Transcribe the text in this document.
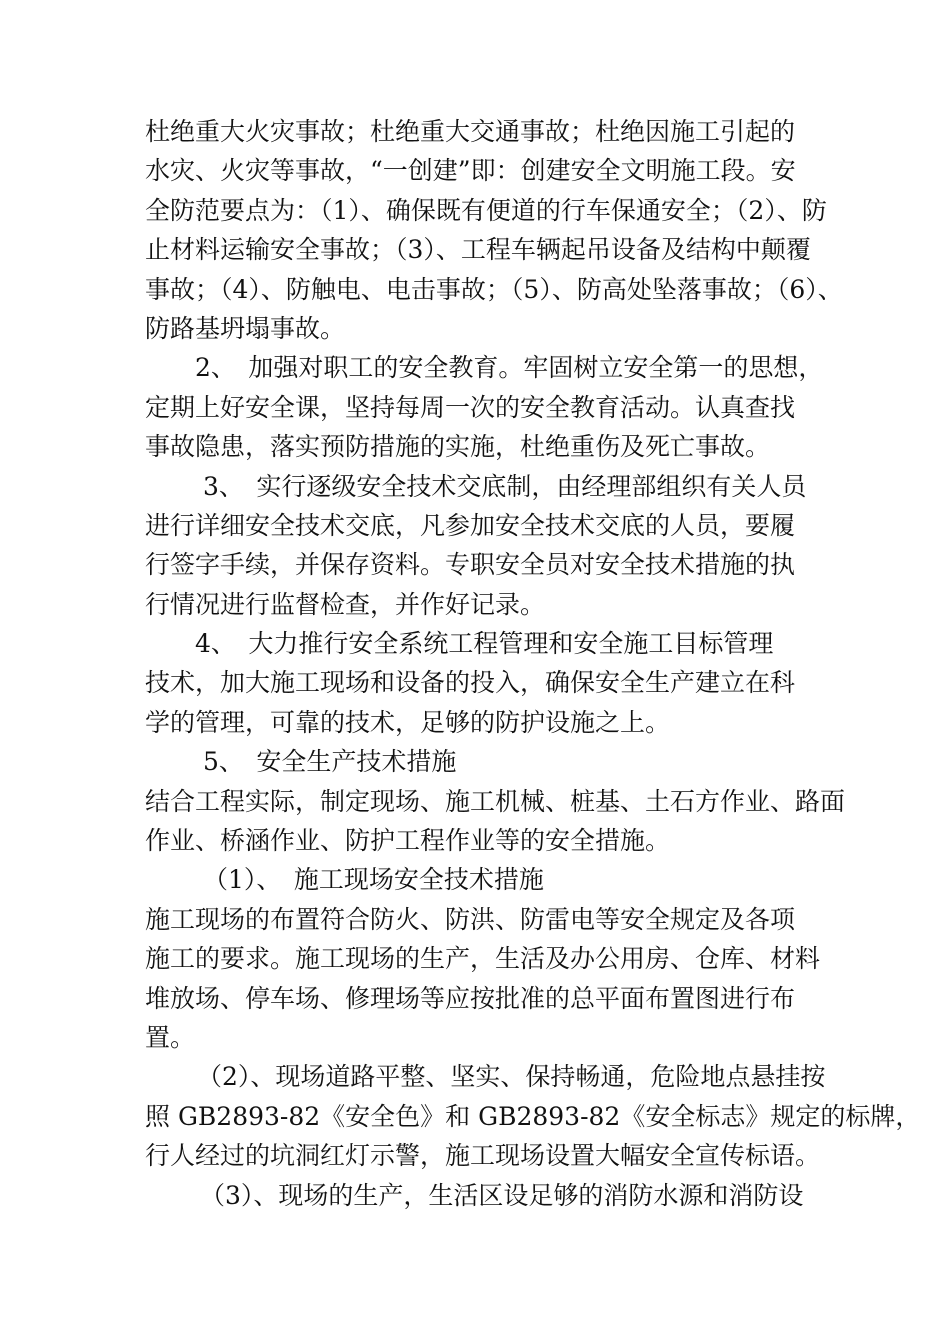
杜绝重大火灾事故；杜绝重大交通事故；杜绝因施工引起的
水灾、火灾等事故，“一创建”即：创建安全文明施工段。安
全防范要点为：（1）、确保既有便道的行车保通安全；（2）、防
止材料运输安全事故；（3）、工程车辆起吊设备及结构中颠覆
事故；（4）、防触电、电击事故；（5）、防高处坠落事故；（6）、
防路基坍塌事故。
2、　加强对职工的安全教育。牢固树立安全第一的思想，
定期上好安全课，坚持每周一次的安全教育活动。认真查找
事故隐患，落实预防措施的实施，杜绝重伤及死亡事故。
3、　实行逐级安全技术交底制，由经理部组织有关人员
进行详细安全技术交底，凡参加安全技术交底的人员，要履
行签字手续，并保存资料。专职安全员对安全技术措施的执
行情况进行监督检查，并作好记录。
4、　大力推行安全系统工程管理和安全施工目标管理
技术，加大施工现场和设备的投入，确保安全生产建立在科
学的管理，可靠的技术，足够的防护设施之上。
5、　安全生产技术措施
结合工程实际，制定现场、施工机械、桩基、土石方作业、路面
作业、桥涵作业、防护工程作业等的安全措施。
（1）、　施工现场安全技术措施
施工现场的布置符合防火、防洪、防雷电等安全规定及各项
施工的要求。施工现场的生产，生活及办公用房、仓库、材料
堆放场、停车场、修理场等应按批准的总平面布置图进行布
置。
（2）、现场道路平整、坚实、保持畅通，危险地点悬挂按
照 GB2893-82《安全色》和 GB2893-82《安全标志》规定的标牌，
行人经过的坑洞红灯示警，施工现场设置大幅安全宣传标语。
（3）、现场的生产，生活区设足够的消防水源和消防设
